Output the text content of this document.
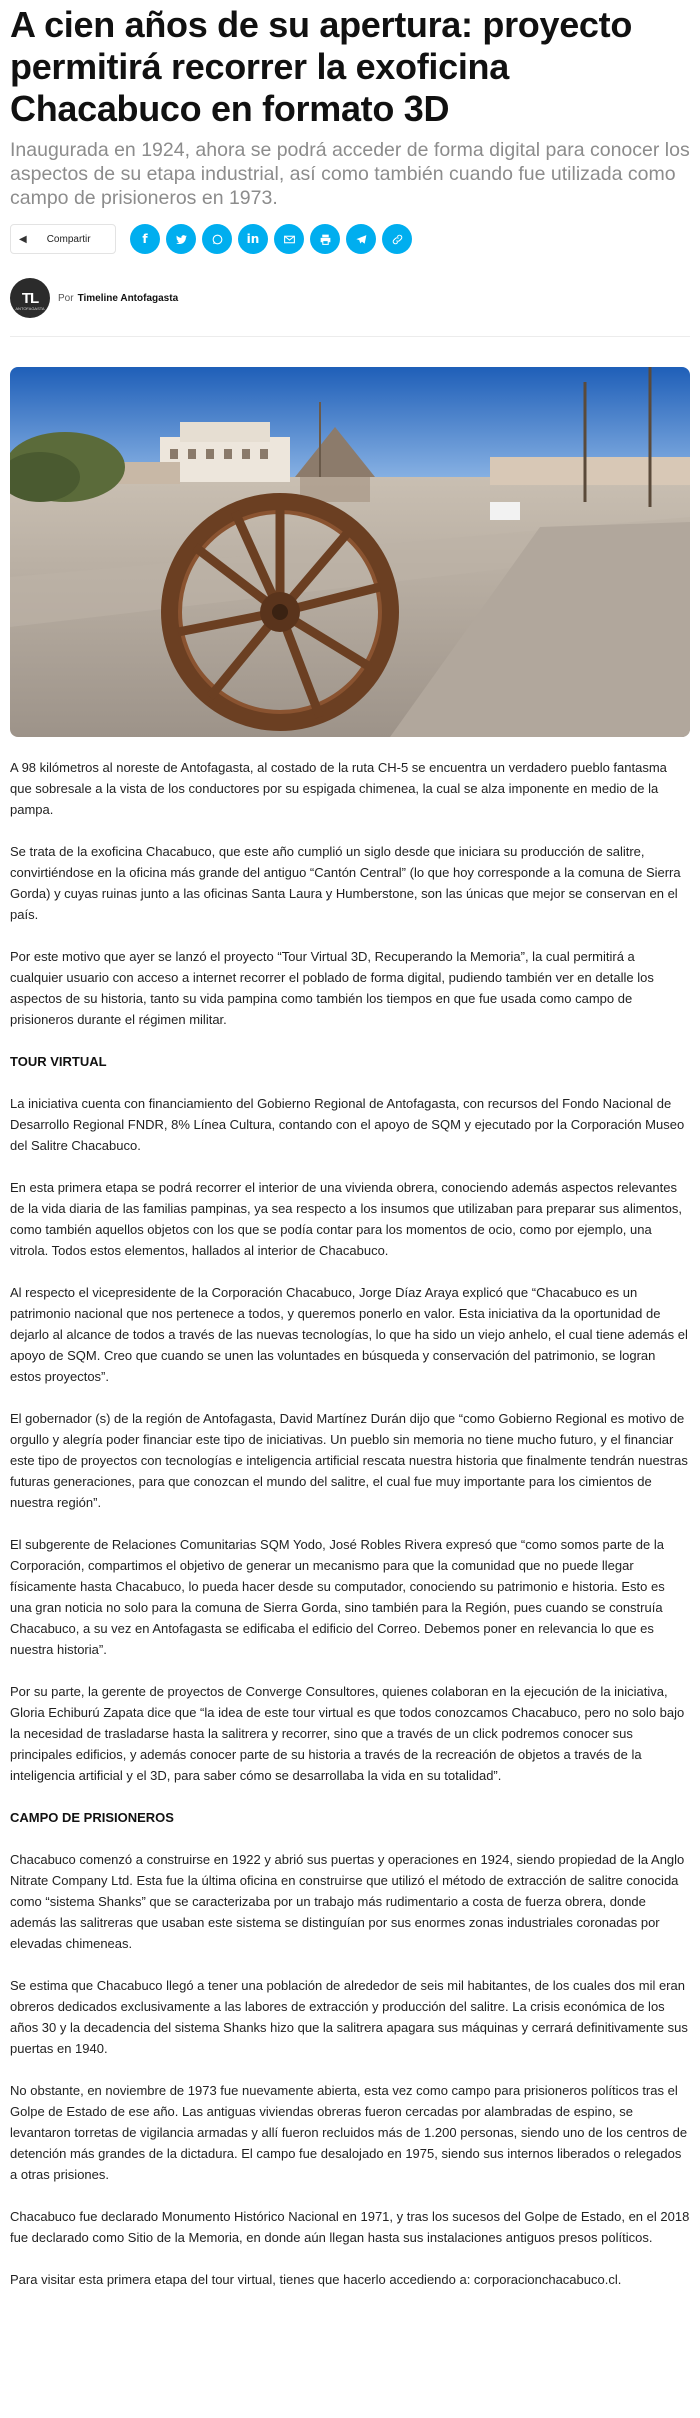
A cien años de su apertura: proyecto permitirá recorrer la exoficina Chacabuco en formato 3D

Inaugurada en 1924, ahora se podrá acceder de forma digital para conocer los aspectos de su etapa industrial, así como también cuando fue utilizada como campo de prisioneros en 1973.

◀ Compartir	f	in
TL
ANTOFAGASTA
Por Timeline Antofagasta

A 98 kilómetros al noreste de Antofagasta, al costado de la ruta CH-5 se encuentra un verdadero pueblo fantasma que sobresale a la vista de los conductores por su espigada chimenea, la cual se alza imponente en medio de la pampa.

Se trata de la exoficina Chacabuco, que este año cumplió un siglo desde que iniciara su producción de salitre, convirtiéndose en la oficina más grande del antiguo “Cantón Central” (lo que hoy corresponde a la comuna de Sierra Gorda) y cuyas ruinas junto a las oficinas Santa Laura y Humberstone, son las únicas que mejor se conservan en el país.

Por este motivo que ayer se lanzó el proyecto “Tour Virtual 3D, Recuperando la Memoria”, la cual permitirá a cualquier usuario con acceso a internet recorrer el poblado de forma digital, pudiendo también ver en detalle los aspectos de su historia, tanto su vida pampina como también los tiempos en que fue usada como campo de prisioneros durante el régimen militar.

TOUR VIRTUAL

La iniciativa cuenta con financiamiento del Gobierno Regional de Antofagasta, con recursos del Fondo Nacional de Desarrollo Regional FNDR, 8% Línea Cultura, contando con el apoyo de SQM y ejecutado por la Corporación Museo del Salitre Chacabuco.

En esta primera etapa se podrá recorrer el interior de una vivienda obrera, conociendo además aspectos relevantes de la vida diaria de las familias pampinas, ya sea respecto a los insumos que utilizaban para preparar sus alimentos, como también aquellos objetos con los que se podía contar para los momentos de ocio, como por ejemplo, una vitrola. Todos estos elementos, hallados al interior de Chacabuco.

Al respecto el vicepresidente de la Corporación Chacabuco, Jorge Díaz Araya explicó que “Chacabuco es un patrimonio nacional que nos pertenece a todos, y queremos ponerlo en valor. Esta iniciativa da la oportunidad de dejarlo al alcance de todos a través de las nuevas tecnologías, lo que ha sido un viejo anhelo, el cual tiene además el apoyo de SQM. Creo que cuando se unen las voluntades en búsqueda y conservación del patrimonio, se logran estos proyectos”.

El gobernador (s) de la región de Antofagasta, David Martínez Durán dijo que “como Gobierno Regional es motivo de orgullo y alegría poder financiar este tipo de iniciativas. Un pueblo sin memoria no tiene mucho futuro, y el financiar este tipo de proyectos con tecnologías e inteligencia artificial rescata nuestra historia que finalmente tendrán nuestras futuras generaciones, para que conozcan el mundo del salitre, el cual fue muy importante para los cimientos de nuestra región”.

El subgerente de Relaciones Comunitarias SQM Yodo, José Robles Rivera expresó que “como somos parte de la Corporación, compartimos el objetivo de generar un mecanismo para que la comunidad que no puede llegar físicamente hasta Chacabuco, lo pueda hacer desde su computador, conociendo su patrimonio e historia. Esto es una gran noticia no solo para la comuna de Sierra Gorda, sino también para la Región, pues cuando se construía Chacabuco, a su vez en Antofagasta se edificaba el edificio del Correo. Debemos poner en relevancia lo que es nuestra historia”.

Por su parte, la gerente de proyectos de Converge Consultores, quienes colaboran en la ejecución de la iniciativa, Gloria Echiburú Zapata dice que “la idea de este tour virtual es que todos conozcamos Chacabuco, pero no solo bajo la necesidad de trasladarse hasta la salitrera y recorrer, sino que a través de un click podremos conocer sus principales edificios, y además conocer parte de su historia a través de la recreación de objetos a través de la inteligencia artificial y el 3D, para saber cómo se desarrollaba la vida en su totalidad”.

CAMPO DE PRISIONEROS

Chacabuco comenzó a construirse en 1922 y abrió sus puertas y operaciones en 1924, siendo propiedad de la Anglo Nitrate Company Ltd. Esta fue la última oficina en construirse que utilizó el método de extracción de salitre conocida como “sistema Shanks” que se caracterizaba por un trabajo más rudimentario a costa de fuerza obrera, donde además las salitreras que usaban este sistema se distinguían por sus enormes zonas industriales coronadas por elevadas chimeneas.

Se estima que Chacabuco llegó a tener una población de alrededor de seis mil habitantes, de los cuales dos mil eran obreros dedicados exclusivamente a las labores de extracción y producción del salitre. La crisis económica de los años 30 y la decadencia del sistema Shanks hizo que la salitrera apagara sus máquinas y cerrará definitivamente sus puertas en 1940.

No obstante, en noviembre de 1973 fue nuevamente abierta, esta vez como campo para prisioneros políticos tras el Golpe de Estado de ese año. Las antiguas viviendas obreras fueron cercadas por alambradas de espino, se levantaron torretas de vigilancia armadas y allí fueron recluidos más de 1.200 personas, siendo uno de los centros de detención más grandes de la dictadura. El campo fue desalojado en 1975, siendo sus internos liberados o relegados a otras prisiones.

Chacabuco fue declarado Monumento Histórico Nacional en 1971, y tras los sucesos del Golpe de Estado, en el 2018 fue declarado como Sitio de la Memoria, en donde aún llegan hasta sus instalaciones antiguos presos políticos.

Para visitar esta primera etapa del tour virtual, tienes que hacerlo accediendo a: corporacionchacabuco.cl.
